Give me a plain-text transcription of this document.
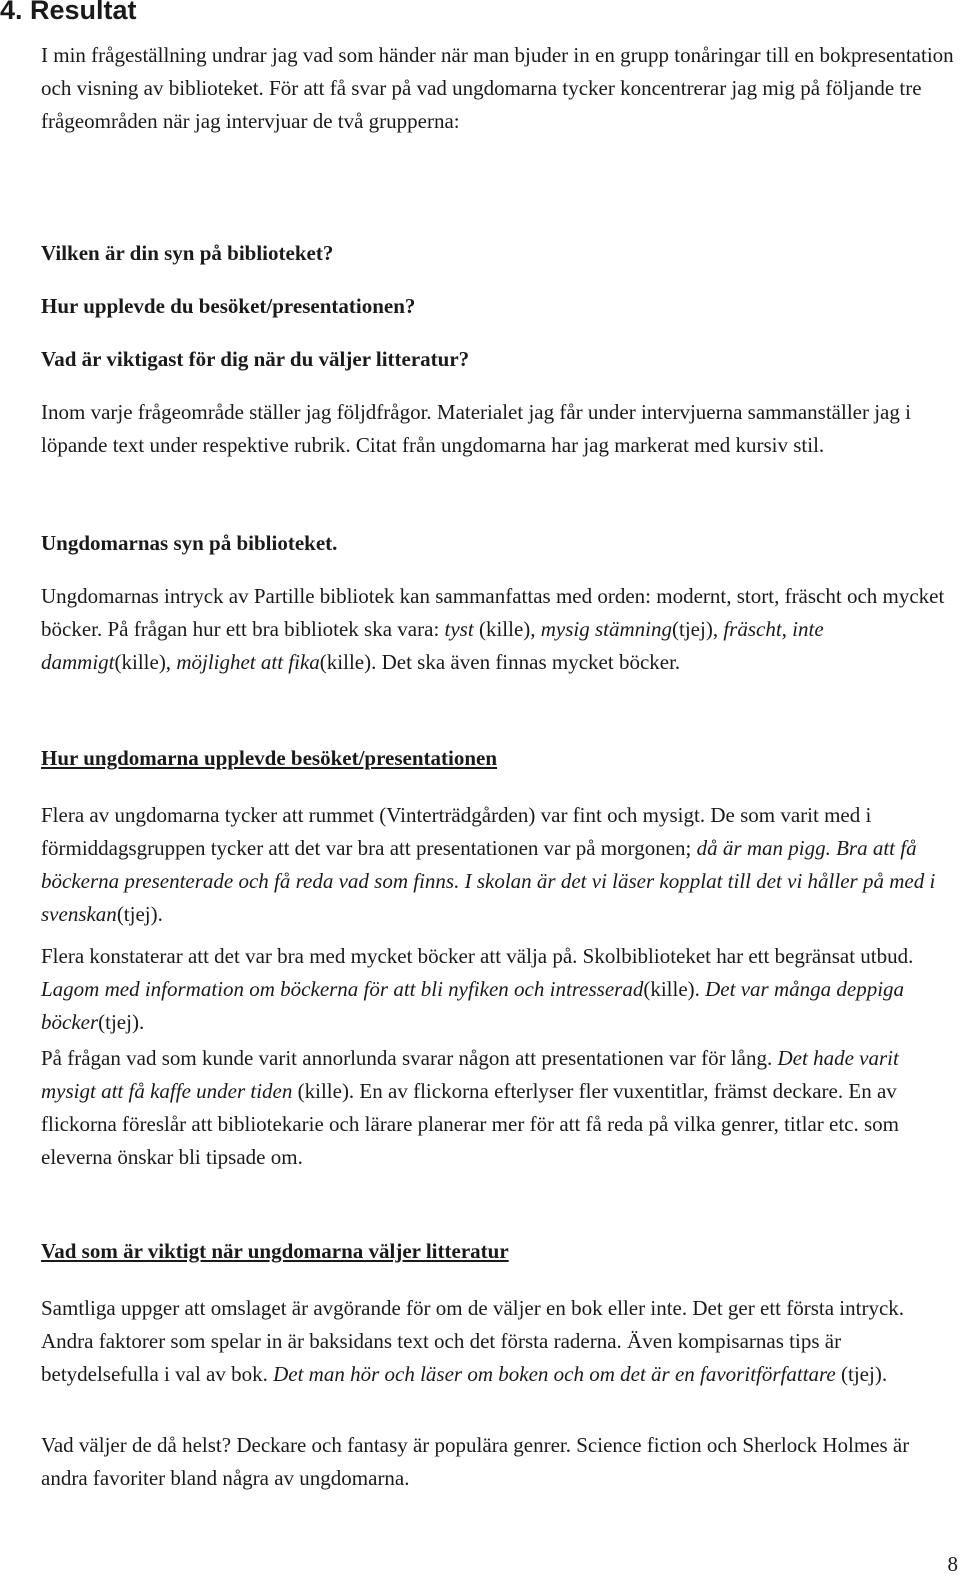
4. Resultat
I min frågeställning undrar jag vad som händer när man bjuder in en grupp tonåringar till en bokpresentation och visning av biblioteket. För att få svar på vad ungdomarna tycker koncentrerar jag mig på följande tre frågeområden när jag intervjuar de två grupperna:
Vilken är din syn på biblioteket?
Hur upplevde du besöket/presentationen?
Vad är viktigast för dig när du väljer litteratur?
Inom varje frågeområde ställer jag följdfrågor. Materialet jag får under intervjuerna sammanställer jag i löpande text under respektive rubrik. Citat från ungdomarna har jag markerat med kursiv stil.
Ungdomarnas syn på biblioteket.
Ungdomarnas intryck av Partille bibliotek kan sammanfattas med orden: modernt, stort, fräscht och mycket böcker. På frågan hur ett bra bibliotek ska vara: tyst (kille), mysig stämning(tjej), fräscht, inte dammigt(kille), möjlighet att fika(kille). Det ska även finnas mycket böcker.
Hur ungdomarna upplevde besöket/presentationen
Flera av ungdomarna tycker att rummet (Vinterträdgården) var fint och mysigt. De som varit med i förmiddagsgruppen tycker att det var bra att presentationen var på morgonen; då är man pigg. Bra att få böckerna presenterade och få reda vad som finns. I skolan är det vi läser kopplat till det vi håller på med i svenskan(tjej).
Flera konstaterar att det var bra med mycket böcker att välja på. Skolbiblioteket har ett begränsat utbud. Lagom med information om böckerna för att bli nyfiken och intresserad(kille). Det var många deppiga böcker(tjej).
På frågan vad som kunde varit annorlunda svarar någon att presentationen var för lång. Det hade varit mysigt att få kaffe under tiden (kille). En av flickorna efterlyser fler vuxentitlar, främst deckare. En av flickorna föreslår att bibliotekarie och lärare planerar mer för att få reda på vilka genrer, titlar etc. som eleverna önskar bli tipsade om.
Vad som är viktigt när ungdomarna väljer litteratur
Samtliga uppger att omslaget är avgörande för om de väljer en bok eller inte. Det ger ett första intryck. Andra faktorer som spelar in är baksidans text och det första raderna. Även kompisarnas tips är betydelsefulla i val av bok. Det man hör och läser om boken och om det är en favoritförfattare (tjej).
Vad väljer de då helst? Deckare och fantasy är populära genrer. Science fiction och Sherlock Holmes är andra favoriter bland några av ungdomarna.
8
